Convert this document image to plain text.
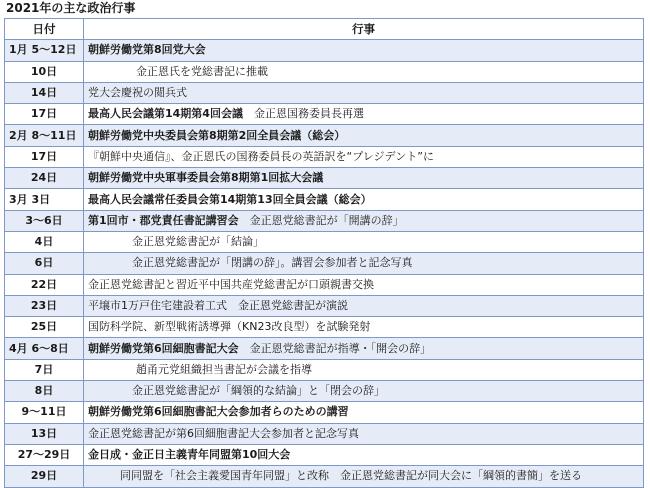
2021年の主な政治行事
日付	行事
1月 5～12日	朝鮮労働党第8回党大会
10日	金正恩氏を党総書記に推載
14日	党大会慶祝の閲兵式
17日	最高人民会議第14期第4回会議　金正恩国務委員長再選
2月 8～11日	朝鮮労働党中央委員会第8期第2回全員会議（総会）
17日	『朝鮮中央通信』、金正恩氏の国務委員長の英語訳を“プレジデント”に
24日	朝鮮労働党中央軍事委員会第8期第1回拡大会議
3月 3日	最高人民会議常任委員会第14期第13回全員会議（総会）
3～6日	第1回市・郡党責任書記講習会　金正恩党総書記が「開講の辞」
4日	金正恩党総書記が「結論」
6日	金正恩党総書記が「閉講の辞」。講習会参加者と記念写真
22日	金正恩党総書記と習近平中国共産党総書記が口頭親書交換
23日	平壌市1万戸住宅建設着工式　金正恩党総書記が演説
25日	国防科学院、新型戦術誘導弾（KN23改良型）を試験発射
4月 6～8日	朝鮮労働党第6回細胞書記大会　金正恩党総書記が指導・「開会の辞」
7日	趙甬元党組織担当書記が会議を指導
8日	金正恩党総書記が「綱領的な結論」と「閉会の辞」
9～11日	朝鮮労働党第6回細胞書記大会参加者らのための講習
13日	金正恩党総書記が第6回細胞書記大会参加者と記念写真
27～29日	金日成・金正日主義青年同盟第10回大会
29日	同同盟を「社会主義愛国青年同盟」と改称　金正恩党総書記が同大会に「綱領的書簡」を送る
